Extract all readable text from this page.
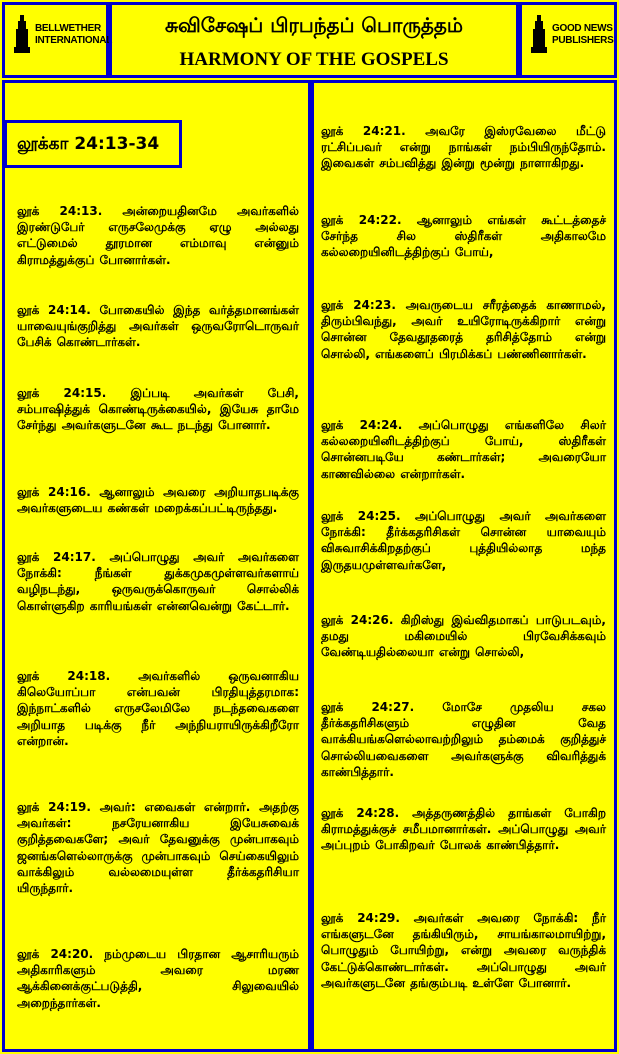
BELLWETHER INTERNATIONAL
சுவிசேஷப் பிரபந்தப் பொருத்தம்
HARMONY OF THE GOSPELS
GOOD NEWS PUBLISHERS
லூக்கா 24:13-34

லூக் 24:13. அன்றையதினமே அவர்களில் இரண்டுபேர் எருசலேமுக்கு ஏழு அல்லது எட்டுமைல் தூரமான எம்மாவு என்னும் கிராமத்துக்குப் போனார்கள்.

லூக் 24:14. போகையில் இந்த வர்த்தமானங்கள் யாவையுங்குறித்து அவர்கள் ஒருவரோடொருவர் பேசிக் கொண்டார்கள்.

லூக் 24:15. இப்படி அவர்கள் பேசி, சம்பாஷித்துக் கொண்டிருக்கையில், இயேசு தாமே சேர்ந்து அவர்களுடனே கூட நடந்து போனார்.

லூக் 24:16. ஆனாலும் அவரை அறியாதபடிக்கு அவர்களுடைய கண்கள் மறைக்கப்பட்டிருந்தது.

லூக் 24:17. அப்பொழுது அவர் அவர்களை நோக்கி: நீங்கள் துக்கமுகமுள்ளவர்களாய் வழிநடந்து, ஒருவருக்கொருவர் சொல்லிக் கொள்ளுகிற காரியங்கள் என்னவென்று கேட்டார்.

லூக் 24:18. அவர்களில் ஒருவனாகிய கிலெயோப்பா என்பவன் பிரதியுத்தரமாக: இந்நாட்களில் எருசலேமிலே நடந்தவைகளை அறியாத படிக்கு நீர் அந்நியராயிருக்கிறீரோ என்றான்.

லூக் 24:19. அவர்: எவைகள் என்றார். அதற்கு அவர்கள்: நசரேயனாகிய இயேசுவைக் குறித்தவைகளே; அவர் தேவனுக்கு முன்பாகவும் ஜனங்களெல்லாருக்கு முன்பாகவும் செய்கையிலும் வாக்கிலும் வல்லமையுள்ள தீர்க்கதரிசியா யிருந்தார்.

லூக் 24:20. நம்முடைய பிரதான ஆசாரியரும் அதிகாரிகளும் அவரை மரண ஆக்கினைக்குட்படுத்தி, சிலுவையில் அறைந்தார்கள்.

லூக் 24:21. அவரே இஸ்ரவேலை மீட்டு ரட்சிப்பவர் என்று நாங்கள் நம்பியிருந்தோம். இவைகள் சம்பவித்து இன்று மூன்று நாளாகிறது.

லூக் 24:22. ஆனாலும் எங்கள் கூட்டத்தைச் சேர்ந்த சில ஸ்திரீகள் அதிகாலமே கல்லறையினிடத்திற்குப் போய்,

லூக் 24:23. அவருடைய சரீரத்தைக் காணாமல், திரும்பிவந்து, அவர் உயிரோடிருக்கிறார் என்று சொன்ன தேவதூதரைத் தரிசித்தோம் என்று சொல்லி, எங்களைப் பிரமிக்கப் பண்ணினார்கள்.

லூக் 24:24. அப்பொழுது எங்களிலே சிலர் கல்லறையினிடத்திற்குப் போய், ஸ்திரீகள் சொன்னபடியே கண்டார்கள்; அவரையோ காணவில்லை என்றார்கள்.

லூக் 24:25. அப்பொழுது அவர் அவர்களை நோக்கி: தீர்க்கதரிசிகள் சொன்ன யாவையும் விசுவாசிக்கிறதற்குப் புத்தியில்லாத மந்த இருதயமுள்ளவர்களே,

லூக் 24:26. கிறிஸ்து இவ்விதமாகப் பாடுபடவும், தமது மகிமையில் பிரவேசிக்கவும் வேண்டியதில்லையா என்று சொல்லி,

லூக் 24:27. மோசே முதலிய சகல தீர்க்கதரிசிகளும் எழுதின வேத வாக்கியங்களெல்லாவற்றிலும் தம்மைக் குறித்துச் சொல்லியவைகளை அவர்களுக்கு விவரித்துக் காண்பித்தார்.

லூக் 24:28. அத்தருணத்தில் தாங்கள் போகிற கிராமத்துக்குச் சமீபமானார்கள். அப்பொழுது அவர் அப்புறம் போகிறவர் போலக் காண்பித்தார்.

லூக் 24:29. அவர்கள் அவரை நோக்கி: நீர் எங்களுடனே தங்கியிரும், சாயங்காலமாயிற்று, பொழுதும் போயிற்று, என்று அவரை வருந்திக் கேட்டுக்கொண்டார்கள். அப்பொழுது அவர் அவர்களுடனே தங்கும்படி உள்ளே போனார்.
